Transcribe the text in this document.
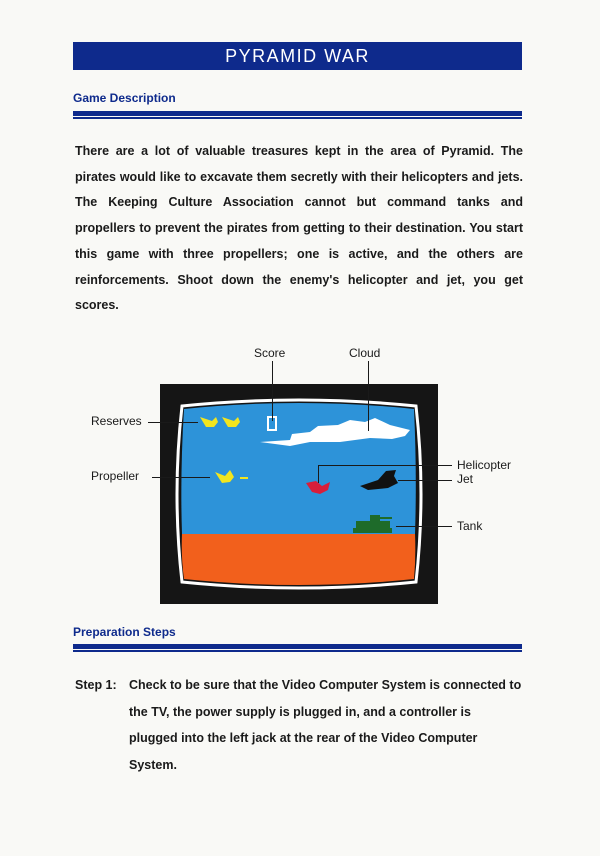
PYRAMID WAR
Game Description
There are a lot of valuable treasures kept in the area of Pyramid. The pirates would like to excavate them secretly with their helicopters and jets. The Keeping Culture Association cannot but command tanks and propellers to prevent the pirates from getting to their destination. You start this game with three propellers; one is active, and the others are reinforcements. Shoot down the enemy's helicopter and jet, you get scores.
Score	Cloud
Reserves
Propeller
Helicopter
Jet
Tank
Preparation Steps
Step 1: Check to be sure that the Video Computer System is connected to the TV, the power supply is plugged in, and a controller is plugged into the left jack at the rear of the Video Computer System.
